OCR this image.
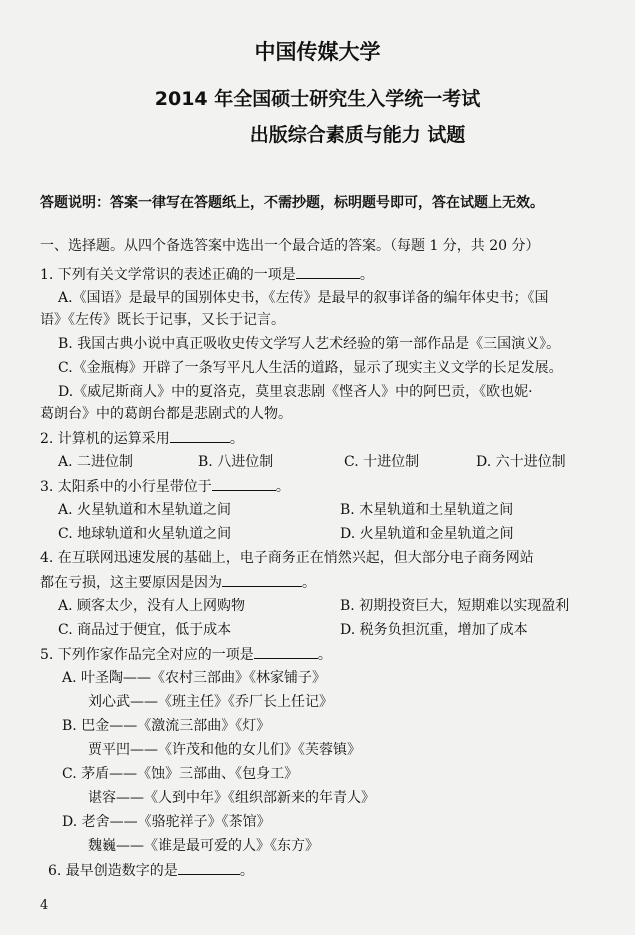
中国传媒大学
2014 年全国硕士研究生入学统一考试
出版综合素质与能力 试题
答题说明：答案一律写在答题纸上，不需抄题，标明题号即可，答在试题上无效。
一、选择题。从四个备选答案中选出一个最合适的答案。（每题 1 分，共 20 分）
1. 下列有关文学常识的表述正确的一项是	。
A.《国语》是最早的国别体史书，《左传》是最早的叙事详备的编年体史书；《国
语》《左传》既长于记事，又长于记言。
B. 我国古典小说中真正吸收史传文学写人艺术经验的第一部作品是《三国演义》。
C.《金瓶梅》开辟了一条写平凡人生活的道路，显示了现实主义文学的长足发展。
D.《威尼斯商人》中的夏洛克，莫里哀悲剧《悭吝人》中的阿巴贡，《欧也妮·
葛朗台》中的葛朗台都是悲剧式的人物。
2. 计算机的运算采用	。
A. 二进位制	B. 八进位制	C. 十进位制	D. 六十进位制
3. 太阳系中的小行星带位于	。
A. 火星轨道和木星轨道之间	B. 木星轨道和土星轨道之间
C. 地球轨道和火星轨道之间	D. 火星轨道和金星轨道之间
4. 在互联网迅速发展的基础上，电子商务正在悄然兴起，但大部分电子商务网站
都在亏损，这主要原因是因为	。
A. 顾客太少，没有人上网购物	B. 初期投资巨大，短期难以实现盈利
C. 商品过于便宜，低于成本	D. 税务负担沉重，增加了成本
5. 下列作家作品完全对应的一项是	。
A. 叶圣陶——《农村三部曲》《林家铺子》
刘心武——《班主任》《乔厂长上任记》
B. 巴金——《激流三部曲》《灯》
贾平凹——《许茂和他的女儿们》《芙蓉镇》
C. 茅盾——《蚀》三部曲、《包身工》
谌容——《人到中年》《组织部新来的年青人》
D. 老舍——《骆驼祥子》《茶馆》
魏巍——《谁是最可爱的人》《东方》
6. 最早创造数字的是	。
4
